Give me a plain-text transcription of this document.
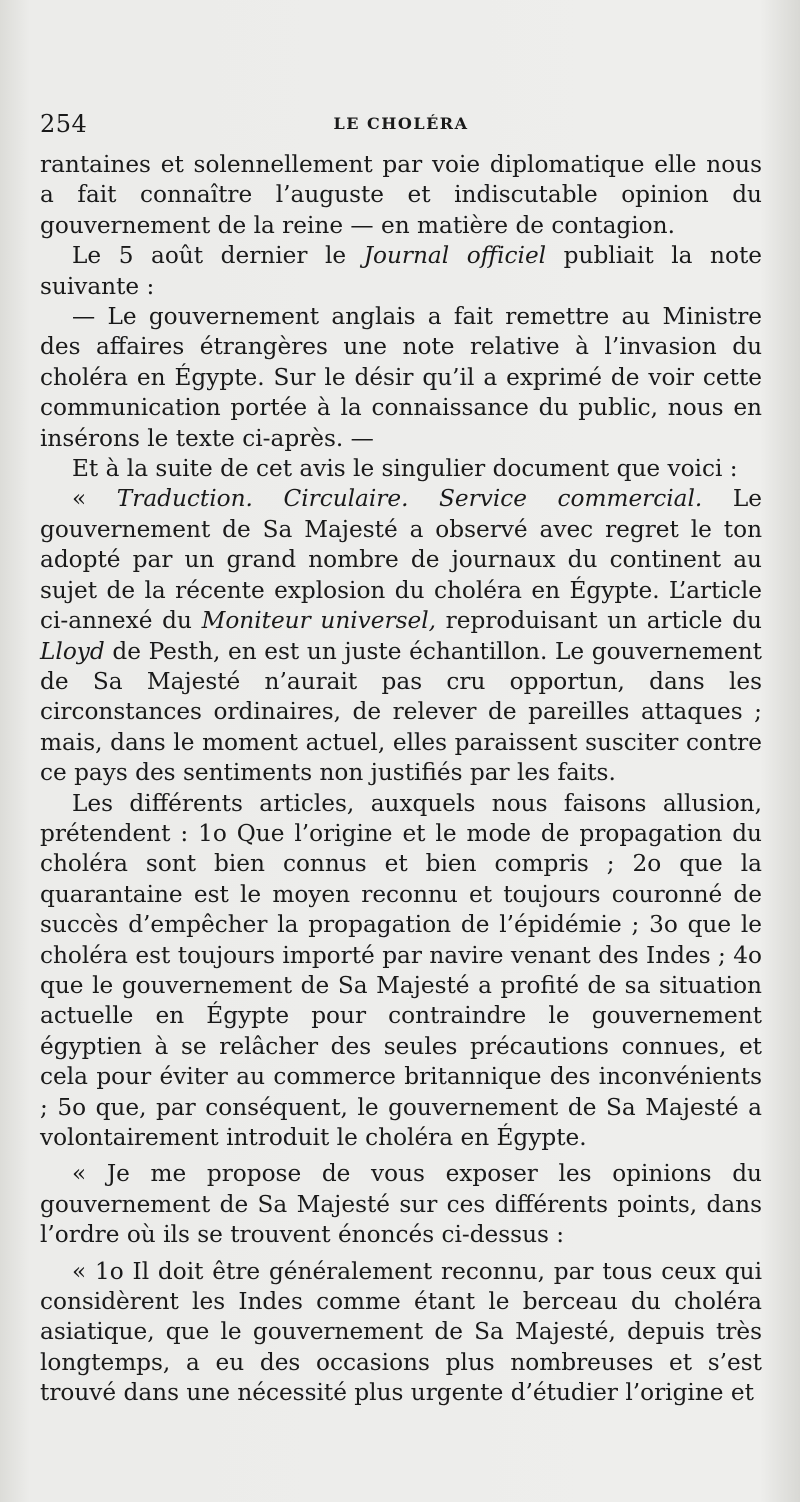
254	LE CHOLÉRA

rantaines et solennellement par voie diplomatique elle nous a fait connaître l’auguste et indiscutable opinion du gouvernement de la reine — en matière de contagion.

Le 5 août dernier le Journal officiel publiait la note suivante :

— Le gouvernement anglais a fait remettre au Ministre des affaires étrangères une note relative à l’invasion du choléra en Égypte. Sur le désir qu’il a exprimé de voir cette communication portée à la connaissance du public, nous en insérons le texte ci-après. —

Et à la suite de cet avis le singulier document que voici :

« Traduction. Circulaire. Service commercial. Le gouvernement de Sa Majesté a observé avec regret le ton adopté par un grand nombre de journaux du continent au sujet de la récente explosion du choléra en Égypte. L’article ci-annexé du Moniteur universel, reproduisant un article du Lloyd de Pesth, en est un juste échantillon. Le gouvernement de Sa Majesté n’aurait pas cru opportun, dans les circonstances ordinaires, de relever de pareilles attaques ; mais, dans le moment actuel, elles paraissent susciter contre ce pays des sentiments non justifiés par les faits.

Les différents articles, auxquels nous faisons allusion, prétendent : 1o Que l’origine et le mode de propagation du choléra sont bien connus et bien compris ; 2o que la quarantaine est le moyen reconnu et toujours couronné de succès d’empêcher la propagation de l’épidémie ; 3o que le choléra est toujours importé par navire venant des Indes ; 4o que le gouvernement de Sa Majesté a profité de sa situation actuelle en Égypte pour contraindre le gouvernement égyptien à se relâcher des seules précautions connues, et cela pour éviter au commerce britannique des inconvénients ; 5o que, par conséquent, le gouvernement de Sa Majesté a volontairement introduit le choléra en Égypte.

« Je me propose de vous exposer les opinions du gouvernement de Sa Majesté sur ces différents points, dans l’ordre où ils se trouvent énoncés ci-dessus :

« 1o Il doit être généralement reconnu, par tous ceux qui considèrent les Indes comme étant le berceau du choléra asiatique, que le gouvernement de Sa Majesté, depuis très longtemps, a eu des occasions plus nombreuses et s’est trouvé dans une nécessité plus urgente d’étudier l’origine et
